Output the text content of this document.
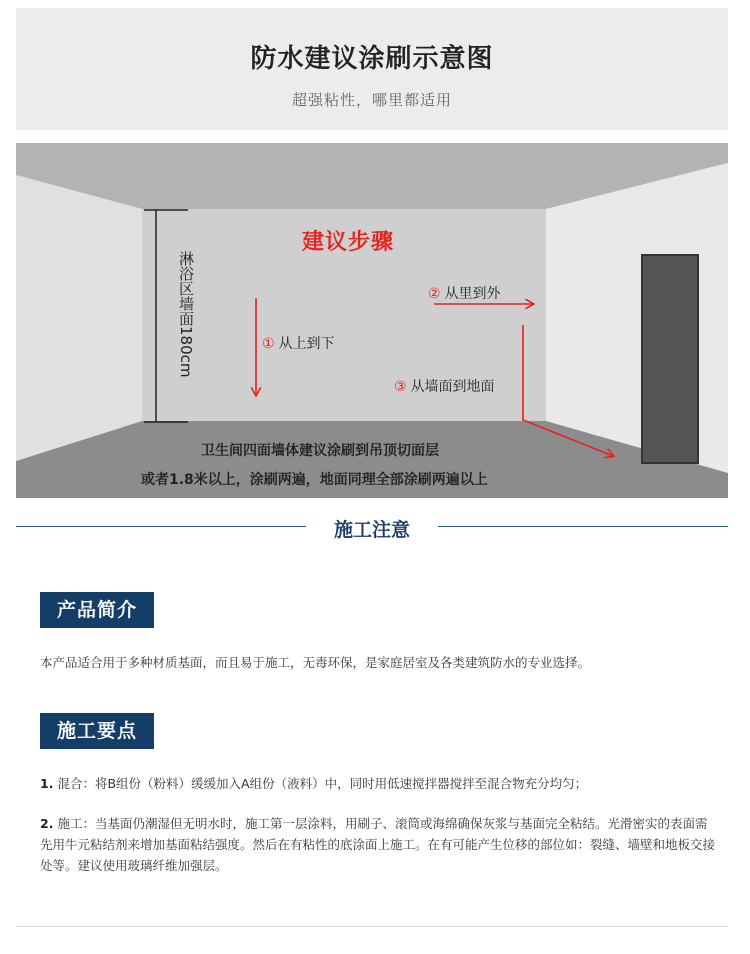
防水建议涂刷示意图
超强粘性，哪里都适用
建议步骤
淋浴区墙面180cm	① 从上到下
② 从里到外
③ 从墙面到地面
卫生间四面墙体建议涂刷到吊顶切面层
或者1.8米以上，涂刷两遍，地面同理全部涂刷两遍以上
施工注意
产品简介
本产品适合用于多种材质基面，而且易于施工，无毒环保，是家庭居室及各类建筑防水的专业选择。
施工要点
1. 混合：将B组份（粉料）缓缓加入A组份（液料）中，同时用低速搅拌器搅拌至混合物充分均匀；
2. 施工：当基面仍潮湿但无明水时，施工第一层涂料，用刷子、滚筒或海绵确保灰浆与基面完全粘结。光滑密实的表面需先用牛元粘结剂来增加基面粘结强度。然后在有粘性的底涂面上施工。在有可能产生位移的部位如：裂缝、墙壁和地板交接处等。建议使用玻璃纤维加强层。
